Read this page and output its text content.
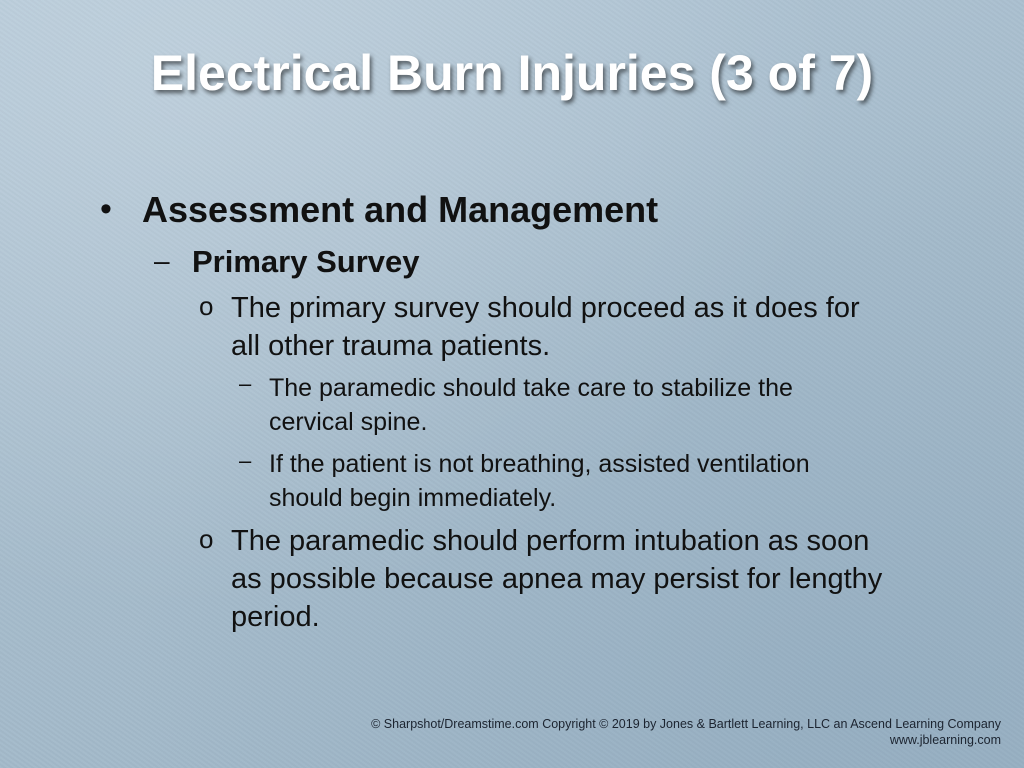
Electrical Burn Injuries (3 of 7)
• Assessment and Management
– Primary Survey
o The primary survey should proceed as it does for
all other trauma patients.
– The paramedic should take care to stabilize the
cervical spine.
– If the patient is not breathing, assisted ventilation
should begin immediately.
o The paramedic should perform intubation as soon
as possible because apnea may persist for lengthy
period.
© Sharpshot/Dreamstime.com Copyright © 2019 by Jones & Bartlett Learning, LLC an Ascend Learning Company
www.jblearning.com
